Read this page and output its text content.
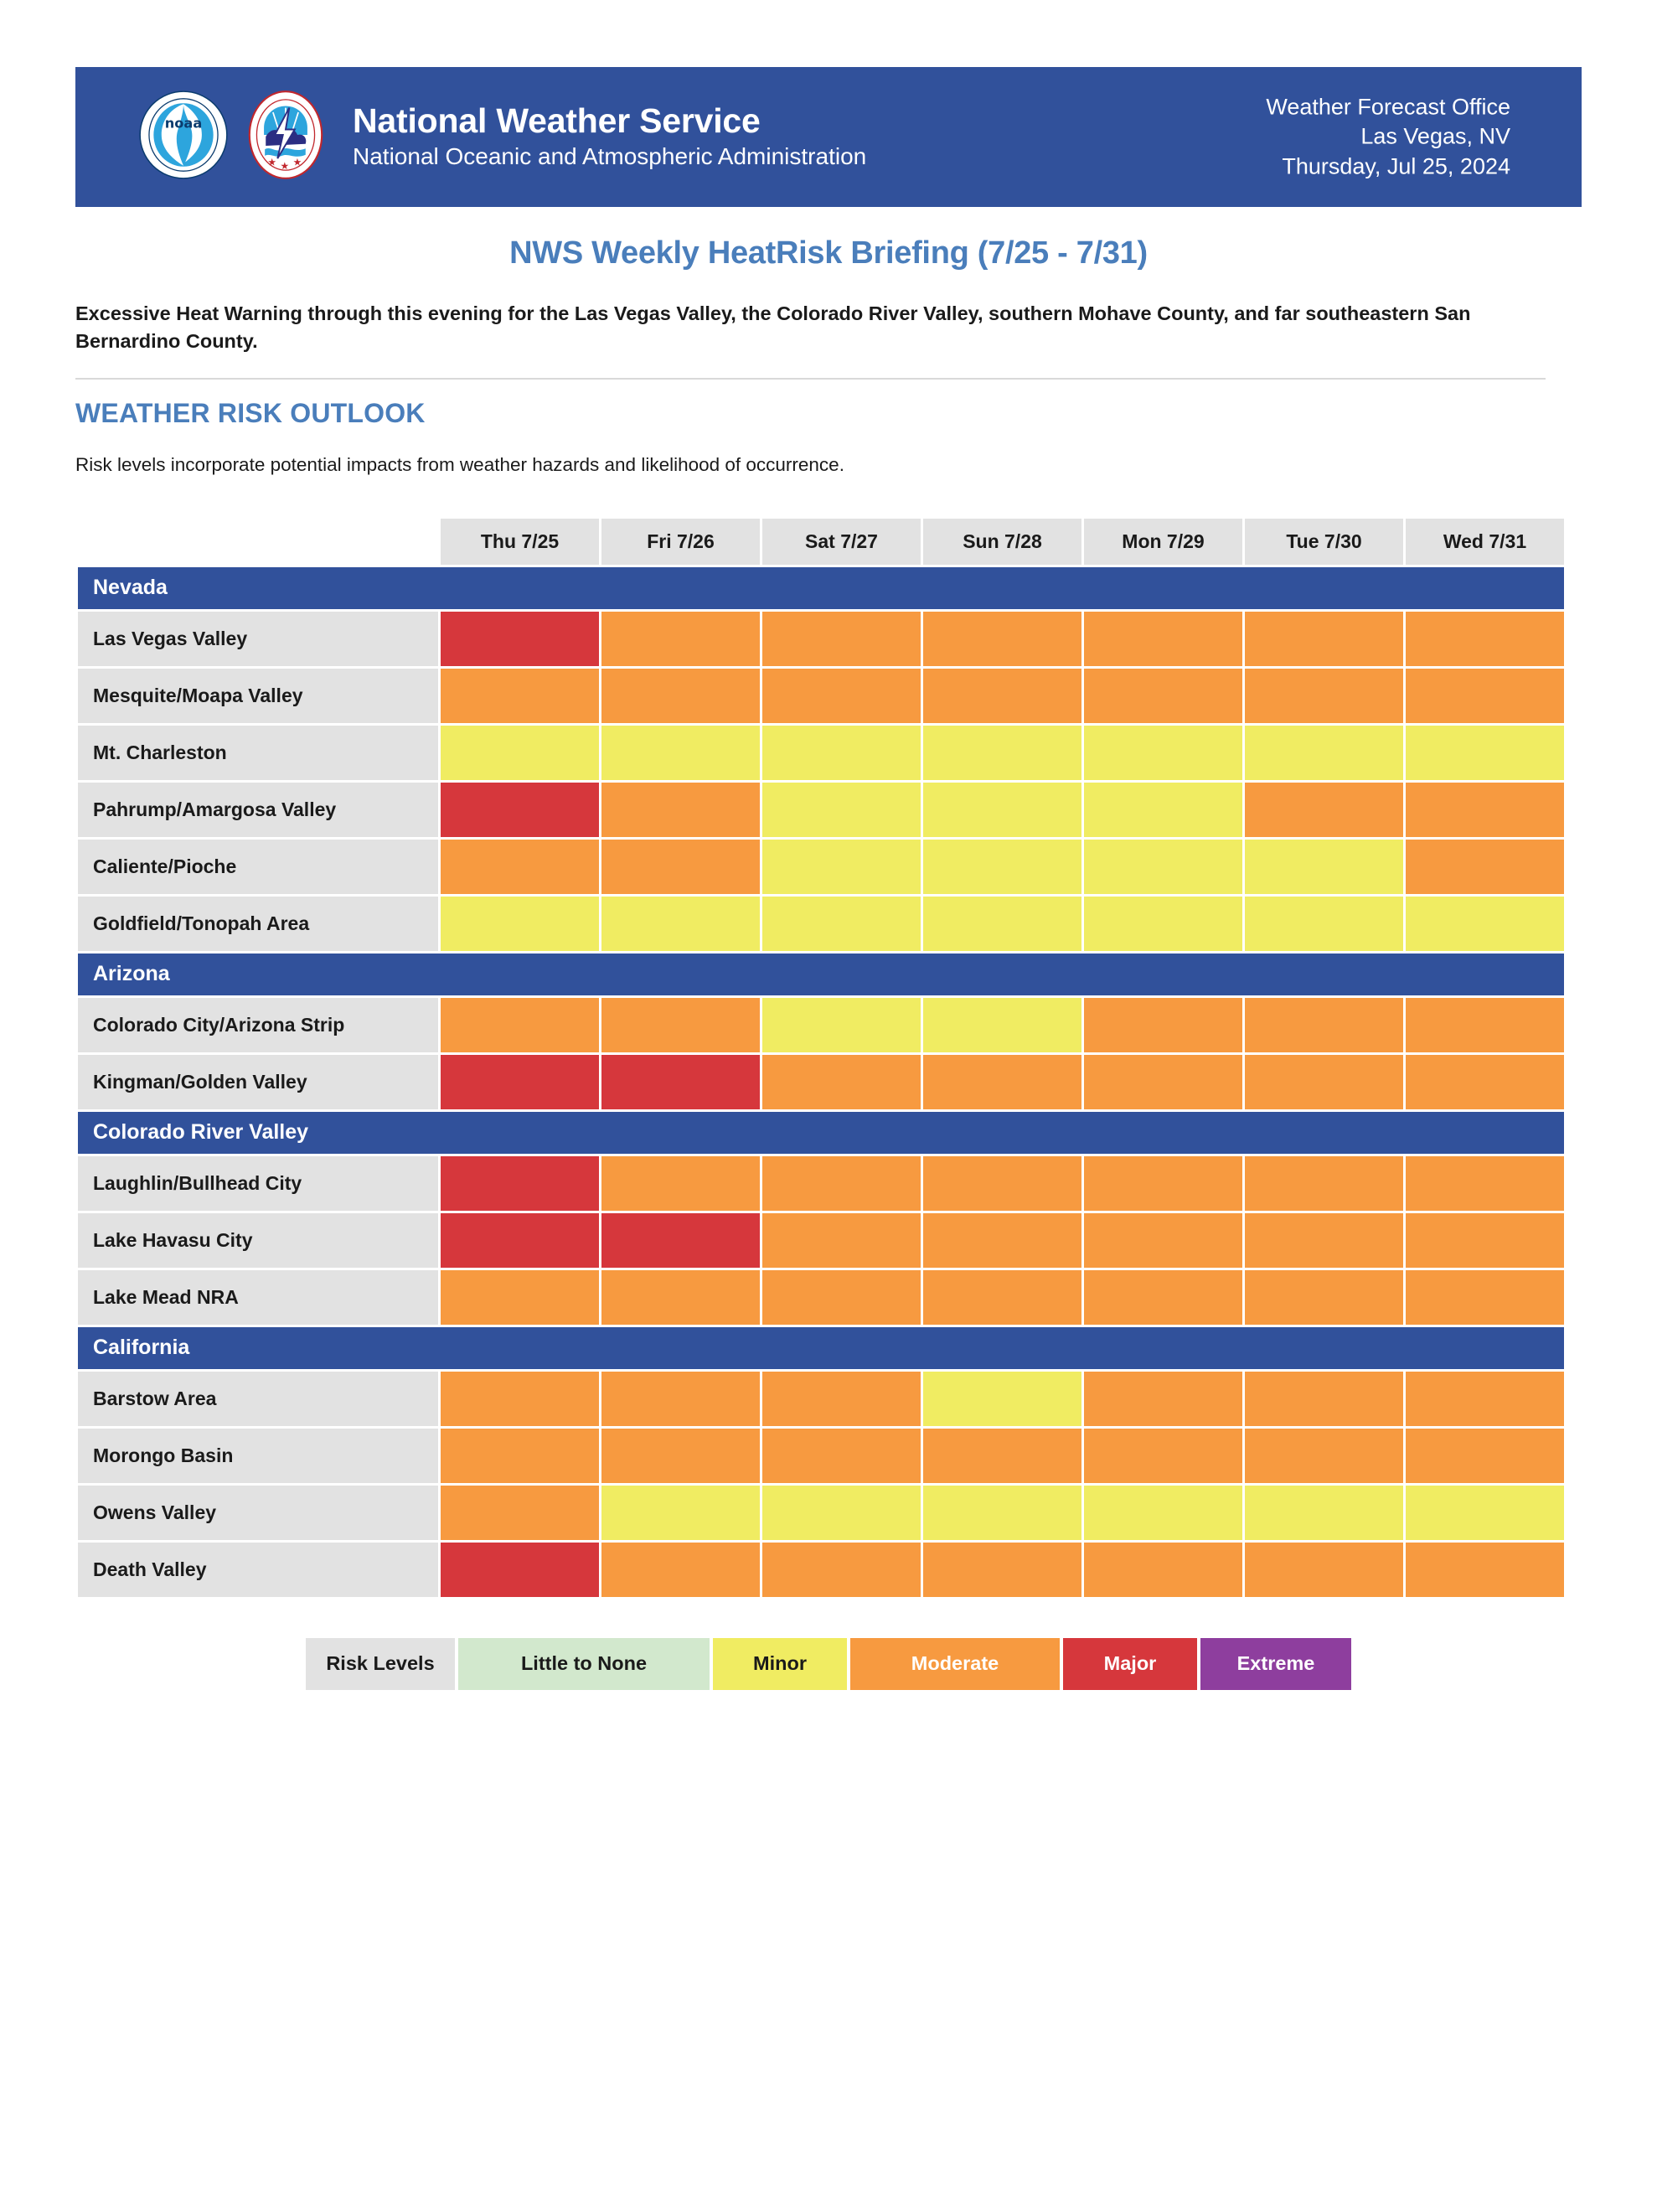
noaa
★ ★ ★
National Weather Service
National Oceanic and Atmospheric Administration
Weather Forecast Office
Las Vegas, NV
Thursday, Jul 25, 2024
NWS Weekly HeatRisk Briefing (7/25 - 7/31)
Excessive Heat Warning through this evening for the Las Vegas Valley, the Colorado River Valley, southern Mohave County, and far southeastern San Bernardino County.
WEATHER RISK OUTLOOK
Risk levels incorporate potential impacts from weather hazards and likelihood of occurrence.
	Thu 7/25	Fri 7/26	Sat 7/27	Sun 7/28	Mon 7/29	Tue 7/30	Wed 7/31
Nevada							
Las Vegas Valley							
Mesquite/Moapa Valley							
Mt. Charleston							
Pahrump/Amargosa Valley							
Caliente/Pioche							
Goldfield/Tonopah Area							
Arizona							
Colorado City/Arizona Strip							
Kingman/Golden Valley							
Colorado River Valley							
Laughlin/Bullhead City							
Lake Havasu City							
Lake Mead NRA							
California							
Barstow Area							
Morongo Basin							
Owens Valley							
Death Valley							
Risk Levels	Little to None	Minor	Moderate	Major	Extreme
